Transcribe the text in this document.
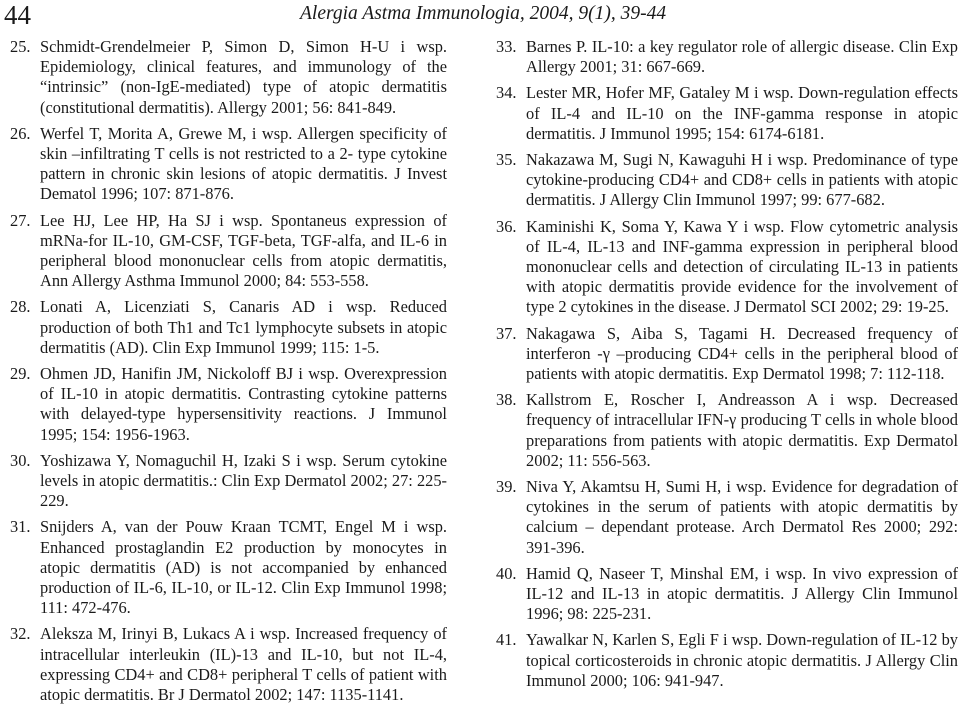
44	Alergia Astma Immunologia, 2004, 9(1), 39-44
25. Schmidt-Grendelmeier P, Simon D, Simon H-U i wsp. Epidemiology, clinical features, and immunology of the “intrinsic” (non-IgE-mediated) type of atopic dermatitis (constitutional dermatitis). Allergy 2001; 56: 841-849.
26. Werfel T, Morita A, Grewe M, i wsp. Allergen specificity of skin –infiltrating T cells is not restricted to a 2- type cytokine pattern in chronic skin lesions of atopic dermatitis. J Invest Dematol 1996; 107: 871-876.
27. Lee HJ, Lee HP, Ha SJ i wsp. Spontaneus expression of mRNa-for IL-10, GM-CSF, TGF-beta, TGF-alfa, and IL-6 in peripheral blood mononuclear cells from atopic dermatitis, Ann Allergy Asthma Immunol 2000; 84: 553-558.
28. Lonati A, Licenziati S, Canaris AD i wsp. Reduced production of both Th1 and Tc1 lymphocyte subsets in atopic dermatitis (AD). Clin Exp Immunol 1999; 115: 1-5.
29. Ohmen JD, Hanifin JM, Nickoloff BJ i wsp. Overexpression of IL-10 in atopic dermatitis. Contrasting cytokine patterns with delayed-type hypersensitivity reactions. J Immunol 1995; 154: 1956-1963.
30. Yoshizawa Y, Nomaguchil H, Izaki S i wsp. Serum cytokine levels in atopic dermatitis.: Clin Exp Dermatol 2002; 27: 225-229.
31. Snijders A, van der Pouw Kraan TCMT, Engel M i wsp. Enhanced prostaglandin E2 production by monocytes in atopic dermatitis (AD) is not accompanied by enhanced production of IL-6, IL-10, or IL-12. Clin Exp Immunol 1998; 111: 472-476.
32. Aleksza M, Irinyi B, Lukacs A i wsp. Increased frequency of intracellular interleukin (IL)-13 and IL-10, but not IL-4, expressing CD4+ and CD8+ peripheral T cells of patient with atopic dermatitis. Br J Dermatol 2002; 147: 1135-1141.
33. Barnes P. IL-10: a key regulator role of allergic disease. Clin Exp Allergy 2001; 31: 667-669.
34. Lester MR, Hofer MF, Gataley M i wsp. Down-regulation effects of IL-4 and IL-10 on the INF-gamma response in atopic dermatitis. J Immunol 1995; 154: 6174-6181.
35. Nakazawa M, Sugi N, Kawaguhi H i wsp. Predominance of type cytokine-producing CD4+ and CD8+ cells in patients with atopic dermatitis. J Allergy Clin Immunol 1997; 99: 677-682.
36. Kaminishi K, Soma Y, Kawa Y i wsp. Flow cytometric analysis of IL-4, IL-13 and INF-gamma expression in peripheral blood mononuclear cells and detection of circulating IL-13 in patients with atopic dermatitis provide evidence for the involvement of type 2 cytokines in the disease. J Dermatol SCI 2002; 29: 19-25.
37. Nakagawa S, Aiba S, Tagami H. Decreased frequency of interferon -γ –producing CD4+ cells in the peripheral blood of patients with atopic dermatitis. Exp Dermatol 1998; 7: 112-118.
38. Kallstrom E, Roscher I, Andreasson A i wsp. Decreased frequency of intracellular IFN-γ producing T cells in whole blood preparations from patients with atopic dermatitis. Exp Dermatol 2002; 11: 556-563.
39. Niva Y, Akamtsu H, Sumi H, i wsp. Evidence for degradation of cytokines in the serum of patients with atopic dermatitis by calcium – dependant protease. Arch Dermatol Res 2000; 292: 391-396.
40. Hamid Q, Naseer T, Minshal EM, i wsp. In vivo expression of IL-12 and IL-13 in atopic dermatitis. J Allergy Clin Immunol 1996; 98: 225-231.
41. Yawalkar N, Karlen S, Egli F i wsp. Down-regulation of IL-12 by topical corticosteroids in chronic atopic dermatitis. J Allergy Clin Immunol 2000; 106: 941-947.
